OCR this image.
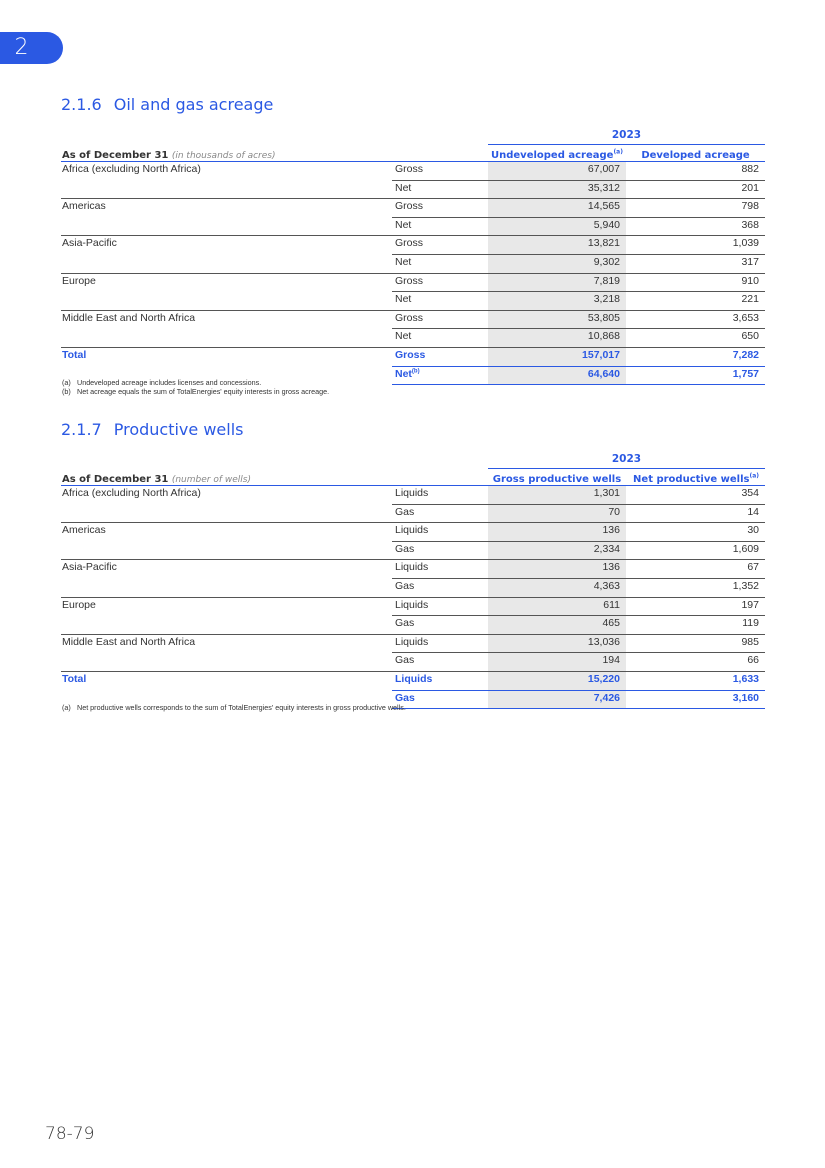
2
2.1.6 Oil and gas acreage
2023
As of December 31 (in thousands of acres)		Undeveloped acreage$^{(a)}$	Developed acreage
Africa (excluding North Africa)	Gross	67,007	882
	Net	35,312	201
Americas	Gross	14,565	798
	Net	5,940	368
Asia-Pacific	Gross	13,821	1,039
	Net	9,302	317
Europe	Gross	7,819	910
	Net	3,218	221
Middle East and North Africa	Gross	53,805	3,653
	Net	10,868	650
Total	Gross	157,017	7,282
	Net$^{(b)}$	64,640	1,757
(a) Undeveloped acreage includes licenses and concessions.
(b) Net acreage equals the sum of TotalEnergies' equity interests in gross acreage.
2.1.7 Productive wells
2023
As of December 31 (number of wells)		Gross productive wells	Net productive wells$^{(a)}$
Africa (excluding North Africa)	Liquids	1,301	354
	Gas	70	14
Americas	Liquids	136	30
	Gas	2,334	1,609
Asia-Pacific	Liquids	136	67
	Gas	4,363	1,352
Europe	Liquids	611	197
	Gas	465	119
Middle East and North Africa	Liquids	13,036	985
	Gas	194	66
Total	Liquids	15,220	1,633
	Gas	7,426	3,160
(a) Net productive wells corresponds to the sum of TotalEnergies' equity interests in gross productive wells.
78-79
